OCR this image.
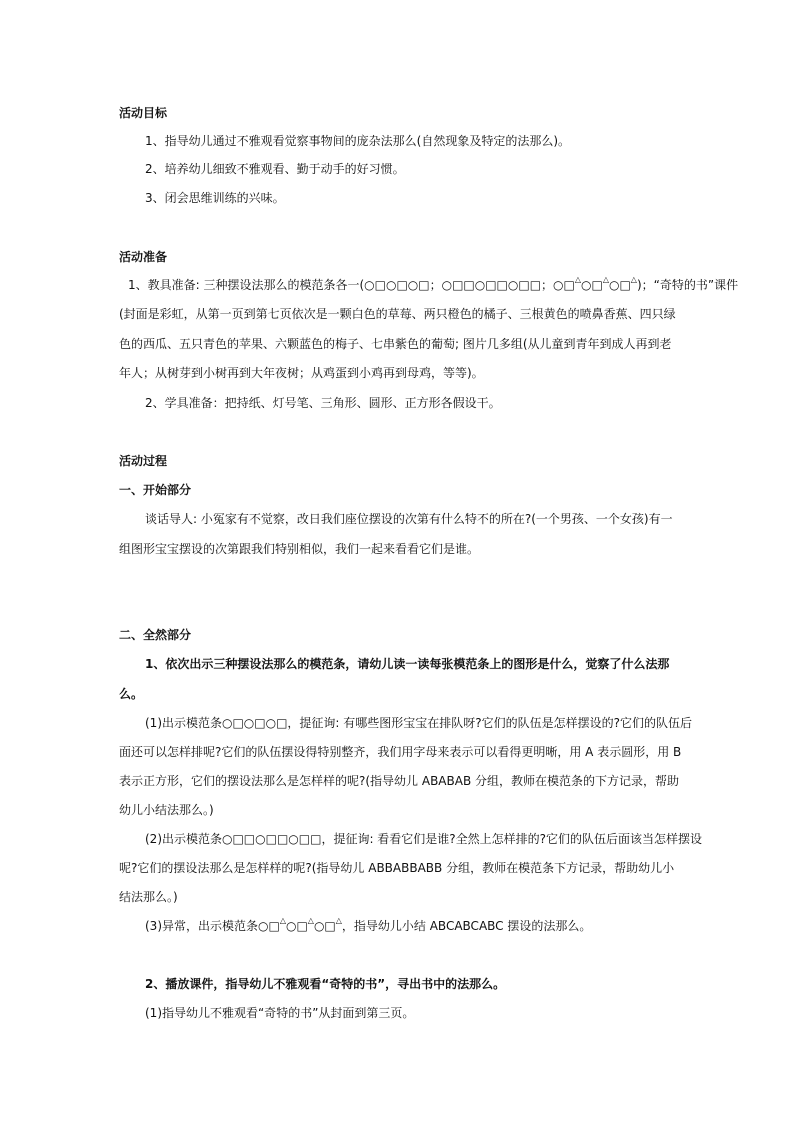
活动目标
1、指导幼儿通过不雅观看觉察事物间的庞杂法那么(自然现象及特定的法那么)。
2、培养幼儿细致不雅观看、勤于动手的好习惯。
3、闭会思维训练的兴味。
活动准备
1、教具准备: 三种摆设法那么的模范条各一(○□○□○□；○□□○□□○□□；○□△○□△○□△)；“奇特的书”课件
(封面是彩虹，从第一页到第七页依次是一颗白色的草莓、两只橙色的橘子、三根黄色的喷鼻香蕉、四只绿
色的西瓜、五只青色的苹果、六颗蓝色的梅子、七串紫色的葡萄; 图片几多组(从儿童到青年到成人再到老
年人；从树芽到小树再到大年夜树；从鸡蛋到小鸡再到母鸡，等等)。
2、学具准备：把持纸、灯号笔、三角形、圆形、正方形各假设干。
活动过程
一、开始部分
谈话导人: 小冤家有不觉察，改日我们座位摆设的次第有什么特不的所在?(一个男孩、一个女孩)有一
组图形宝宝摆设的次第跟我们特别相似，我们一起来看看它们是谁。
二、全然部分
1、依次出示三种摆设法那么的模范条，请幼儿读一读每张模范条上的图形是什么，觉察了什么法那
么。
(1)出示模范条○□○□○□，提征询: 有哪些图形宝宝在排队呀?它们的队伍是怎样摆设的?它们的队伍后
面还可以怎样排呢?它们的队伍摆设得特别整齐，我们用字母来表示可以看得更明晰，用 A 表示圆形，用 B
表示正方形，它们的摆设法那么是怎样样的呢?(指导幼儿 ABABAB 分组，教师在模范条的下方记录，帮助
幼儿小结法那么。)
(2)出示模范条○□□○□□○□□，提征询: 看看它们是谁?全然上怎样排的?它们的队伍后面该当怎样摆设
呢?它们的摆设法那么是怎样样的呢?(指导幼儿 ABBABBABB 分组，教师在模范条下方记录，帮助幼儿小
结法那么。)
(3)异常，出示模范条○□△○□△○□△，指导幼儿小结 ABCABCABC 摆设的法那么。
2、播放课件，指导幼儿不雅观看“奇特的书”，寻出书中的法那么。
(1)指导幼儿不雅观看“奇特的书”从封面到第三页。
